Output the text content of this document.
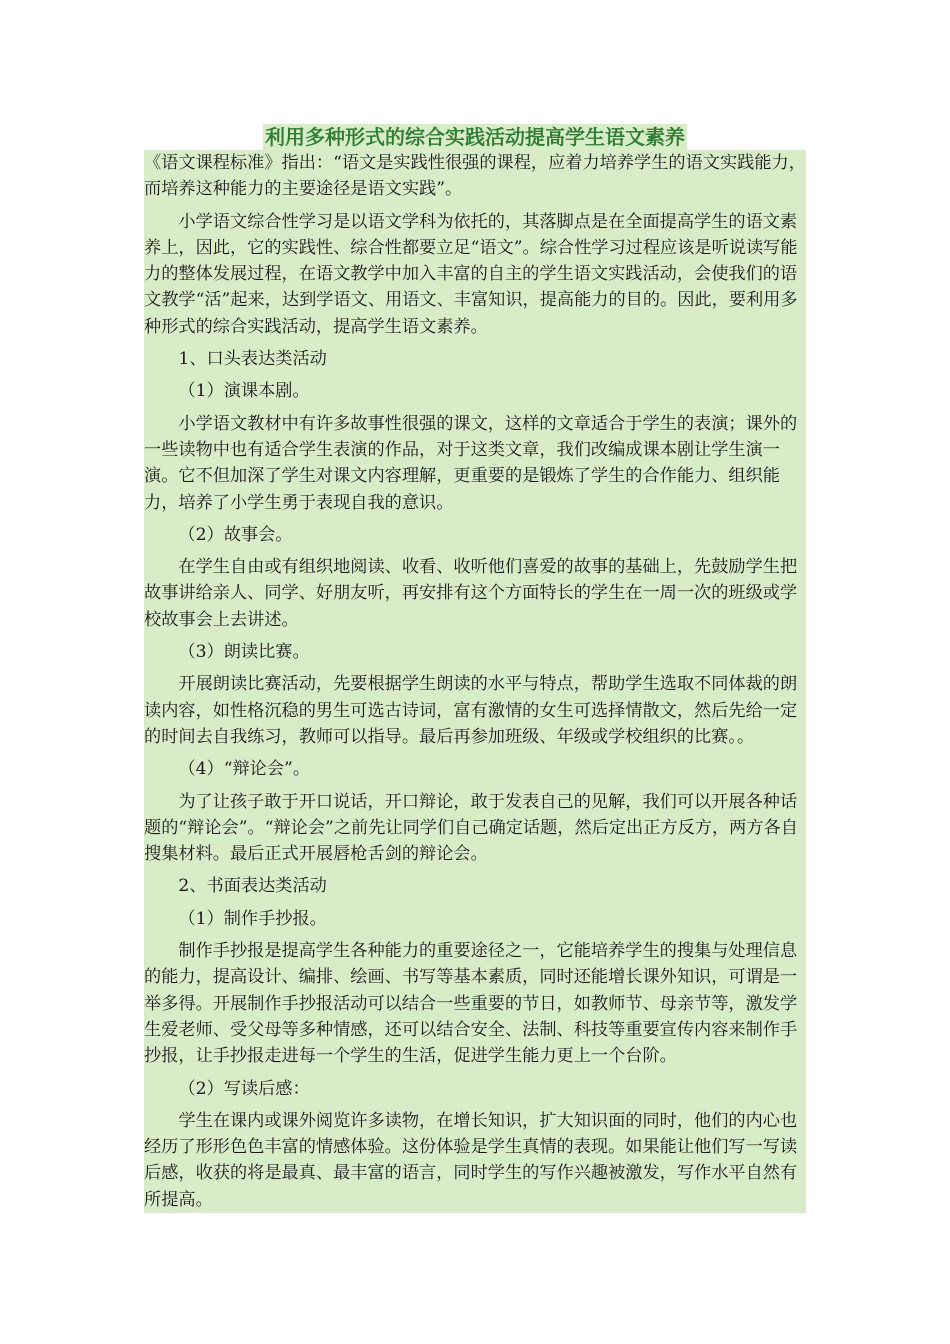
利用多种形式的综合实践活动提高学生语文素养

《语文课程标准》指出：“语文是实践性很强的课程，应着力培养学生的语文实践能力，而培养这种能力的主要途径是语文实践”。

小学语文综合性学习是以语文学科为依托的，其落脚点是在全面提高学生的语文素养上，因此，它的实践性、综合性都要立足“语文”。综合性学习过程应该是听说读写能力的整体发展过程，在语文教学中加入丰富的自主的学生语文实践活动，会使我们的语文教学“活”起来，达到学语文、用语文、丰富知识，提高能力的目的。因此，要利用多种形式的综合实践活动，提高学生语文素养。

1、口头表达类活动

（1）演课本剧。

小学语文教材中有许多故事性很强的课文，这样的文章适合于学生的表演；课外的一些读物中也有适合学生表演的作品，对于这类文章，我们改编成课本剧让学生演一演。它不但加深了学生对课文内容理解，更重要的是锻炼了学生的合作能力、组织能力，培养了小学生勇于表现自我的意识。

（2）故事会。

在学生自由或有组织地阅读、收看、收听他们喜爱的故事的基础上，先鼓励学生把故事讲给亲人、同学、好朋友听，再安排有这个方面特长的学生在一周一次的班级或学校故事会上去讲述。

（3）朗读比赛。

开展朗读比赛活动，先要根据学生朗读的水平与特点，帮助学生选取不同体裁的朗读内容，如性格沉稳的男生可选古诗词，富有激情的女生可选择情散文，然后先给一定的时间去自我练习，教师可以指导。最后再参加班级、年级或学校组织的比赛。。

（4）“辩论会”。

为了让孩子敢于开口说话，开口辩论，敢于发表自己的见解，我们可以开展各种话题的“辩论会”。“辩论会”之前先让同学们自己确定话题，然后定出正方反方，两方各自搜集材料。最后正式开展唇枪舌剑的辩论会。

2、书面表达类活动

（1）制作手抄报。

制作手抄报是提高学生各种能力的重要途径之一，它能培养学生的搜集与处理信息的能力，提高设计、编排、绘画、书写等基本素质，同时还能增长课外知识，可谓是一举多得。开展制作手抄报活动可以结合一些重要的节日，如教师节、母亲节等，激发学生爱老师、受父母等多种情感，还可以结合安全、法制、科技等重要宣传内容来制作手抄报，让手抄报走进每一个学生的生活，促进学生能力更上一个台阶。

（2）写读后感：

学生在课内或课外阅览许多读物，在增长知识，扩大知识面的同时，他们的内心也经历了形形色色丰富的情感体验。这份体验是学生真情的表现。如果能让他们写一写读后感，收获的将是最真、最丰富的语言，同时学生的写作兴趣被激发，写作水平自然有所提高。
